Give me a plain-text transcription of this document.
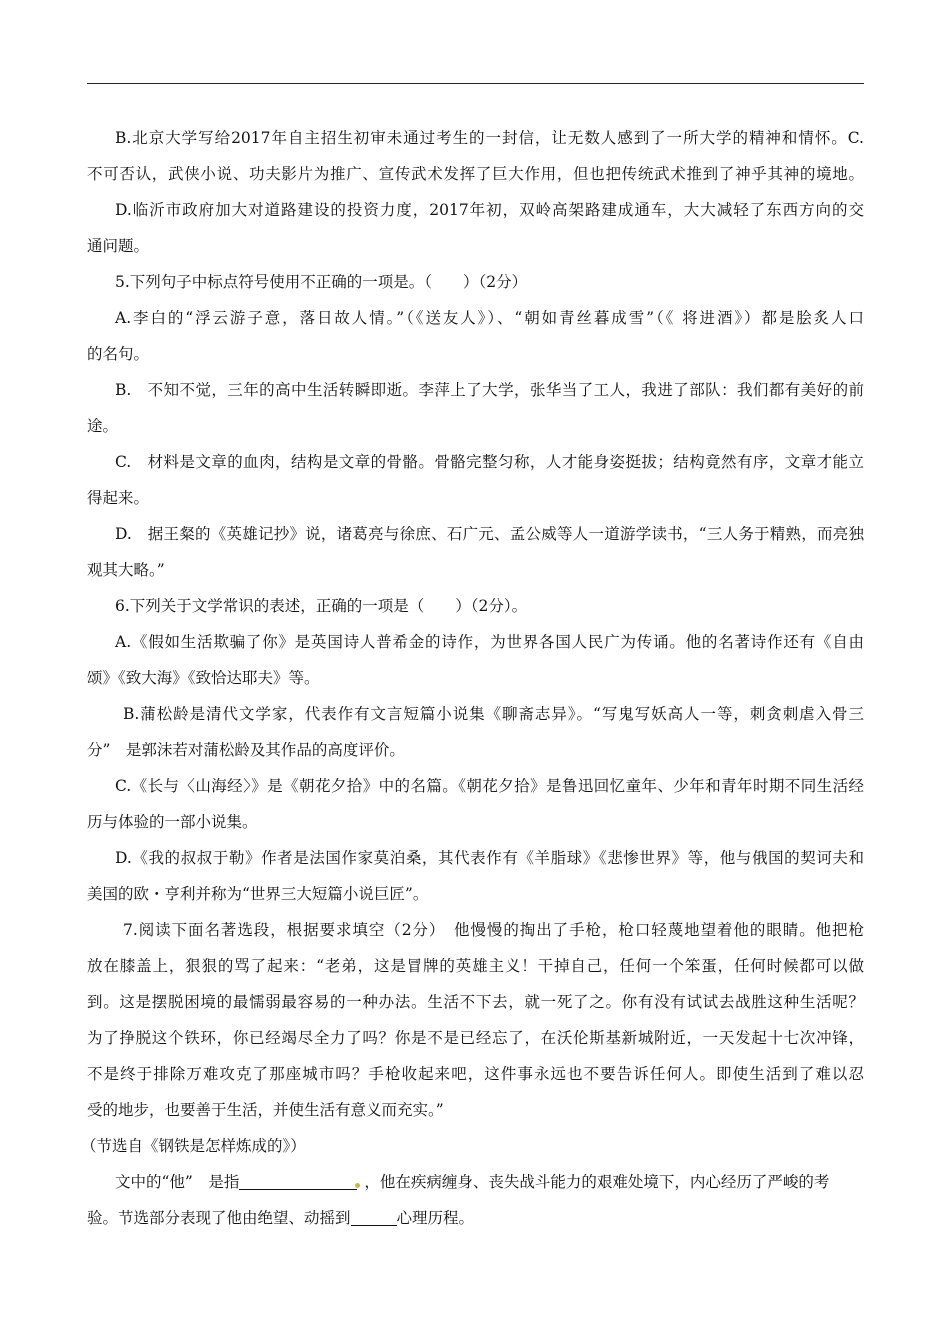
B.北京大学写给2017年自主招生初审未通过考生的一封信，让无数人感到了一所大学的精神和情怀。C.
不可否认，武侠小说、功夫影片为推广、宣传武术发挥了巨大作用，但也把传统武术推到了神乎其神的境地。
D.临沂市政府加大对道路建设的投资力度，2017年初，双岭高架路建成通车，大大减轻了东西方向的交
通问题。
5.下列句子中标点符号使用不正确的一项是。（　　）（2分）
A.李白的“浮云游子意，落日故人情。”（《送友人》）、“朝如青丝暮成雪”（《 将进酒》）都是脍炙人口
的名句。
B.　不知不觉，三年的高中生活转瞬即逝。李萍上了大学，张华当了工人，我进了部队：我们都有美好的前
途。
C.　材料是文章的血肉，结构是文章的骨骼。骨骼完整匀称，人才能身姿挺拔；结构竟然有序，文章才能立
得起来。
D.　据王粲的《英雄记抄》说，诸葛亮与徐庶、石广元、孟公威等人一道游学读书，“三人务于精熟，而亮独
观其大略。”
6.下列关于文学常识的表述，正确的一项是（　　）（2分）。
A.《假如生活欺骗了你》是英国诗人普希金的诗作，为世界各国人民广为传诵。他的名著诗作还有《自由
颂》《致大海》《致恰达耶夫》等。
B.蒲松龄是清代文学家，代表作有文言短篇小说集《聊斋志异》。“写鬼写妖高人一等，刺贪刺虐入骨三
分”　是郭沫若对蒲松龄及其作品的高度评价。
C.《长与〈山海经〉》是《朝花夕拾》中的名篇。《朝花夕拾》是鲁迅回忆童年、少年和青年时期不同生活经
历与体验的一部小说集。
D.《我的叔叔于勒》作者是法国作家莫泊桑，其代表作有《羊脂球》《悲惨世界》等，他与俄国的契诃夫和
美国的欧・亨利并称为“世界三大短篇小说巨匠”。
7.阅读下面名著选段，根据要求填空（2分）　他慢慢的掏出了手枪，枪口轻蔑地望着他的眼睛。他把枪
放在膝盖上，狠狠的骂了起来：“老弟，这是冒牌的英雄主义！干掉自己，任何一个笨蛋，任何时候都可以做
到。这是摆脱困境的最懦弱最容易的一种办法。生活不下去，就一死了之。你有没有试试去战胜这种生活呢？
为了挣脱这个铁环，你已经竭尽全力了吗？你是不是已经忘了，在沃伦斯基新城附近，一天发起十七次冲锋，
不是终于排除万难攻克了那座城市吗？手枪收起来吧，这件事永远也不要告诉任何人。即使生活到了难以忍
受的地步，也要善于生活，并使生活有意义而充实。”
（节选自《钢铁是怎样炼成的》）
文中的“他”　是指	，他在疾病缠身、丧失战斗能力的艰难处境下，内心经历了严峻的考
验。节选部分表现了他由绝望、动摇到	心理历程。
